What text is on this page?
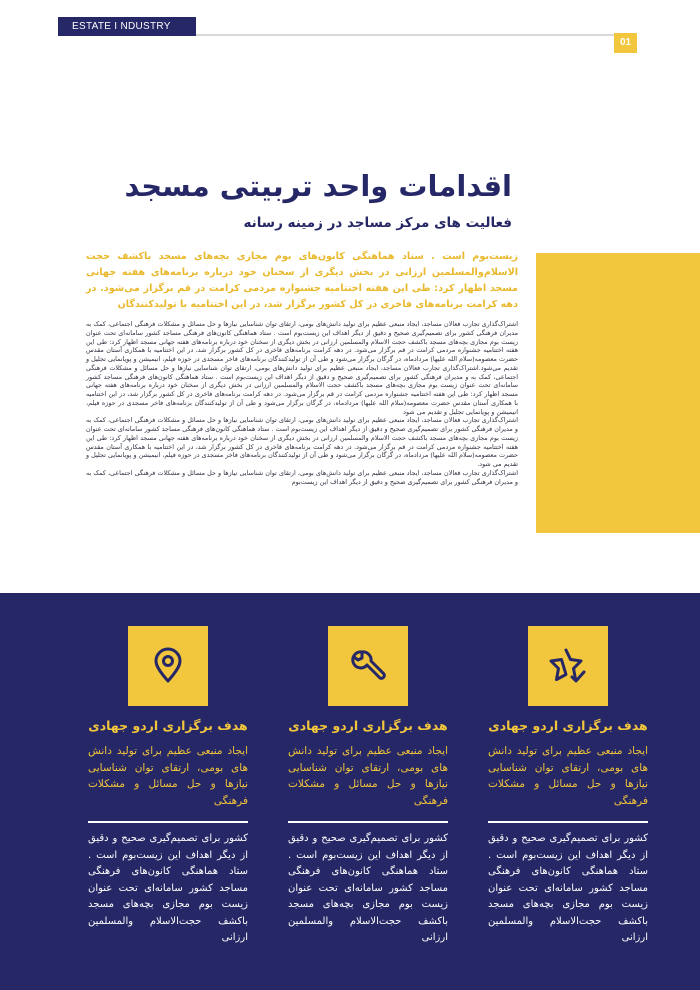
ESTATE I NDUSTRY
01
اقدامات واحد تربیتی مسجد
فعالیت های مرکز مساجد در زمینه رسانه

زیست‌بوم است . ستاد هماهنگی کانون‌های بوم مجازی بچه‌های مسجد باکشف حجت الاسلام‌والمسلمین ارزانی در بخش دیگری از سخنان خود درباره برنامه‌های هفته جهانی مسجد اظهار کرد: طی این هفته اختتامیه جشنواره مردمی کرامت در قم برگزار می‌شود. در دهه کرامت برنامه‌های فاخری در کل کشور برگزار شد، در این اختتامیه با تولیدکنندگان

اشتراک‌گذاری تجارب فعالان مساجد، ایجاد منبعی عظیم برای تولید دانش‌های بومی، ارتقای توان شناسایی نیازها و حل مسائل و مشکلات فرهنگی اجتماعی، کمک به مدیران فرهنگی کشور برای تصمیم‌گیری صحیح و دقیق از دیگر اهداف این زیست‌بوم است . ستاد هماهنگی کانون‌های فرهنگی مساجد کشور سامانه‌ای تحت عنوان زیست بوم مجازی بچه‌های مسجد باکشف حجت الاسلام والمسلمین ارزانی در بخش دیگری از سخنان خود درباره برنامه‌های هفته جهانی مسجد اظهار کرد: طی این هفته اختتامیه جشنواره مردمی کرامت در قم برگزار می‌شود. در دهه کرامت برنامه‌های فاخری در کل کشور برگزار شد، در این اختتامیه با همکاری آستان مقدس حضرت معصومه(سلام الله علیها) مردادماه، در گرگان برگزار می‌شود و طی آن از تولیدکنندگان برنامه‌های فاخر مسجدی در حوزه فیلم، انیمیشن و پویانمایی تجلیل و تقدیم می‌شود.اشتراک‌گذاری تجارب فعالان مساجد، ایجاد منبعی عظیم برای تولید دانش‌های بومی، ارتقای توان شناسایی نیازها و حل مسائل و مشکلات فرهنگی اجتماعی، کمک به و مدیران فرهنگی کشور برای تصمیم‌گیری صحیح و دقیق از دیگر اهداف این زیست‌بوم است . ستاد هماهنگی کانون‌های فرهنگی مساجد کشور سامانه‌ای تحت عنوان زیست بوم مجازی بچه‌های مسجد باکشف حجت الاسلام والمسلمین ارزانی در بخش دیگری از سخنان خود درباره برنامه‌های هفته جهانی مسجد اظهار کرد: طی این هفته اختتامیه جشنواره مردمی کرامت در قم برگزار می‌شود. در دهه کرامت برنامه‌های فاخری در کل کشور برگزار شد، در این اختتامیه با همکاری آستان مقدس حضرت معصومه(سلام الله علیها) مردادماه، در گرگان برگزار می‌شود و طی آن از تولیدکنندگان برنامه‌های فاخر مسجدی در حوزه فیلم، انیمیشن و پویانمایی تجلیل و تقدیم می شود

اشتراک‌گذاری تجارب فعالان مساجد، ایجاد منبعی عظیم برای تولید دانش‌های بومی، ارتقای توان شناسایی نیازها و حل مسائل و مشکلات فرهنگی اجتماعی، کمک به و مدیران فرهنگی کشور برای تصمیم‌گیری صحیح و دقیق از دیگر اهداف این زیست‌بوم است . ستاد هماهنگی کانون‌های فرهنگی مساجد کشور سامانه‌ای تحت عنوان زیست بوم مجازی بچه‌های مسجد باکشف حجت الاسلام والمسلمین ارزانی در بخش دیگری از سخنان خود درباره برنامه‌های هفته جهانی مسجد اظهار کرد: طی این هفته اختتامیه جشنواره مردمی کرامت در قم برگزار می‌شود. در دهه کرامت برنامه‌های فاخری در کل کشور برگزار شد، در این اختتامیه با همکاری آستان مقدس حضرت معصومه(سلام الله علیها) مردادماه، در گرگان برگزار می‌شود و طی آن از تولیدکنندگان برنامه‌های فاخر مسجدی در حوزه فیلم، انیمیشن و پویانمایی تجلیل و تقدیم می شود.

اشتراک‌گذاری تجارب فعالان مساجد، ایجاد منبعی عظیم برای تولید دانش‌های بومی، ارتقای توان شناسایی نیازها و حل مسائل و مشکلات فرهنگی اجتماعی، کمک به و مدیران فرهنگی کشور برای تصمیم‌گیری صحیح و دقیق از دیگر اهداف این زیست‌بوم

هدف برگزاری اردو جهادی
ایجاد منبعی عظیم برای تولید دانش های بومی، ارتقای توان شناسایی نیازها و حل مسائل و مشکلات فرهنگی
کشور برای تصمیم‌گیری صحیح و دقیق از دیگر اهداف این زیست‌بوم است . ستاد هماهنگی کانون‌های فرهنگی مساجد کشور سامانه‌ای تحت عنوان زیست بوم مجازی بچه‌های مسجد باکشف حجت‌الاسلام والمسلمین ارزانی
هدف برگزاری اردو جهادی
ایجاد منبعی عظیم برای تولید دانش های بومی، ارتقای توان شناسایی نیازها و حل مسائل و مشکلات فرهنگی
کشور برای تصمیم‌گیری صحیح و دقیق از دیگر اهداف این زیست‌بوم است . ستاد هماهنگی کانون‌های فرهنگی مساجد کشور سامانه‌ای تحت عنوان زیست بوم مجازی بچه‌های مسجد باکشف حجت‌الاسلام والمسلمین ارزانی
هدف برگزاری اردو جهادی
ایجاد منبعی عظیم برای تولید دانش های بومی، ارتقای توان شناسایی نیازها و حل مسائل و مشکلات فرهنگی
کشور برای تصمیم‌گیری صحیح و دقیق از دیگر اهداف این زیست‌بوم است . ستاد هماهنگی کانون‌های فرهنگی مساجد کشور سامانه‌ای تحت عنوان زیست بوم مجازی بچه‌های مسجد باکشف حجت‌الاسلام والمسلمین ارزانی
